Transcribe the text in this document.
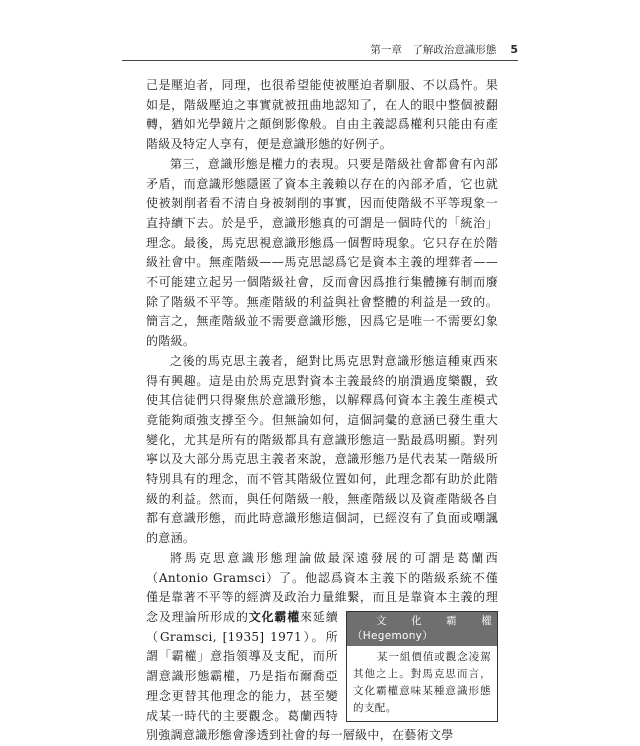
第一章　了解政治意識形態 5

己是壓迫者，同理，也很希望能使被壓迫者馴服、不以爲忤。果如是，階級壓迫之事實就被扭曲地認知了，在人的眼中整個被翻轉，猶如光學鏡片之顛倒影像般。自由主義認爲權利只能由有產階級及特定人享有，便是意識形態的好例子。

第三，意識形態是權力的表現。只要是階級社會都會有內部矛盾，而意識形態隱匿了資本主義賴以存在的內部矛盾，它也就使被剝削者看不清自身被剝削的事實，因而使階級不平等現象一直持續下去。於是乎，意識形態真的可謂是一個時代的「統治」理念。最後，馬克思視意識形態爲一個暫時現象。它只存在於階級社會中。無產階級——馬克思認爲它是資本主義的埋葬者——不可能建立起另一個階級社會，反而會因爲推行集體擁有制而廢除了階級不平等。無產階級的利益與社會整體的利益是一致的。簡言之，無產階級並不需要意識形態，因爲它是唯一不需要幻象的階級。

之後的馬克思主義者，絕對比馬克思對意識形態這種東西來得有興趣。這是由於馬克思對資本主義最終的崩潰過度樂觀，致使其信徒們只得聚焦於意識形態，以解釋爲何資本主義生產模式竟能夠頑強支撐至今。但無論如何，這個詞彙的意涵已發生重大變化，尤其是所有的階級都具有意識形態這一點最爲明顯。對列寧以及大部分馬克思主義者來說，意識形態乃是代表某一階級所特別具有的理念，而不管其階級位置如何，此理念都有助於此階級的利益。然而，與任何階級一般，無產階級以及資產階級各自都有意識形態，而此時意識形態這個詞，已經沒有了負面或嘲諷的意涵。

將馬克思意識形態理論做最深遠發展的可謂是葛蘭西（Antonio Gramsci）了。他認爲資本主義下的階級系統不僅僅是靠著不平等的經濟及政治力量維繫，而且是靠資本主義的理念及理論所形成的文化霸權來延續	文化霸權（Hegemony）
某一組價值或觀念凌駕其他之上。對馬克思而言，文化霸權意味某種意識形態的支配。
（Gramsci, [1935] 1971）。所謂「霸權」意指領導及支配，而所謂意識形態霸權，乃是指布爾喬亞理念更替其他理念的能力，甚至變成某一時代的主要觀念。葛蘭西特別強調意識形態會滲透到社會的每一層級中，在藝術文學
